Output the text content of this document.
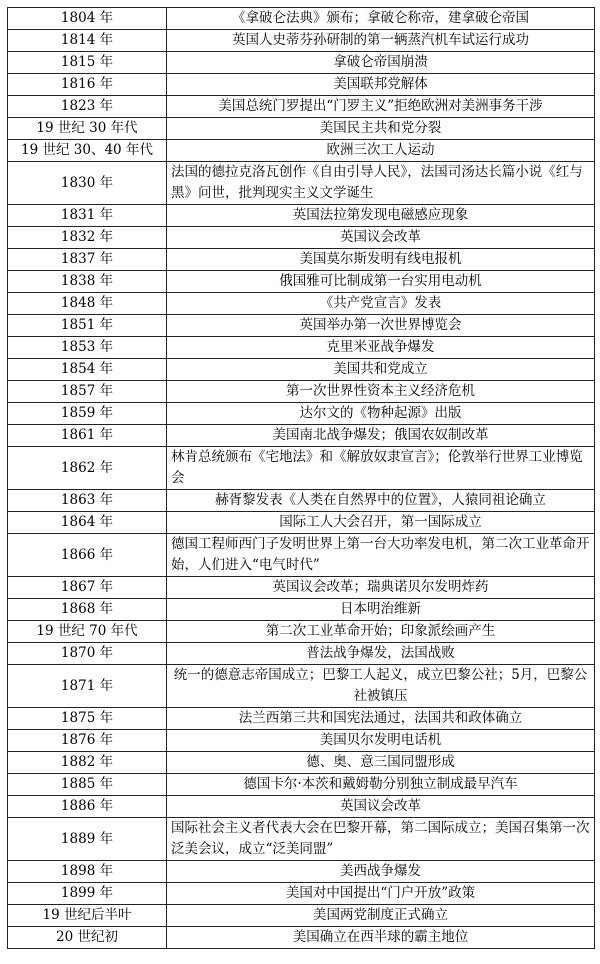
1804 年	《拿破仑法典》颁布；拿破仑称帝，建拿破仑帝国
1814 年	英国人史蒂芬孙研制的第一辆蒸汽机车试运行成功
1815 年	拿破仑帝国崩溃
1816 年	美国联邦党解体
1823 年	美国总统门罗提出“门罗主义”拒绝欧洲对美洲事务干涉
19 世纪 30 年代	美国民主共和党分裂
19 世纪 30、40 年代	欧洲三次工人运动
1830 年	法国的德拉克洛瓦创作《自由引导人民》，法国司汤达长篇小说《红与黑》问世，批判现实主义文学诞生
1831 年	英国法拉第发现电磁感应现象
1832 年	英国议会改革
1837 年	美国莫尔斯发明有线电报机
1838 年	俄国雅可比制成第一台实用电动机
1848 年	《共产党宣言》发表
1851 年	英国举办第一次世界博览会
1853 年	克里米亚战争爆发
1854 年	美国共和党成立
1857 年	第一次世界性资本主义经济危机
1859 年	达尔文的《物种起源》出版
1861 年	美国南北战争爆发；俄国农奴制改革
1862 年	林肯总统颁布《宅地法》和《解放奴隶宣言》；伦敦举行世界工业博览会
1863 年	赫胥黎发表《人类在自然界中的位置》，人猿同祖论确立
1864 年	国际工人大会召开，第一国际成立
1866 年	德国工程师西门子发明世界上第一台大功率发电机，第二次工业革命开始，人们进入“电气时代”
1867 年	英国议会改革；瑞典诺贝尔发明炸药
1868 年	日本明治维新
19 世纪 70 年代	第二次工业革命开始；印象派绘画产生
1870 年	普法战争爆发，法国战败
1871 年	统一的德意志帝国成立；巴黎工人起义，成立巴黎公社；5月，巴黎公社被镇压
1875 年	法兰西第三共和国宪法通过，法国共和政体确立
1876 年	美国贝尔发明电话机
1882 年	德、奥、意三国同盟形成
1885 年	德国卡尔·本茨和戴姆勒分别独立制成最早汽车
1886 年	英国议会改革
1889 年	国际社会主义者代表大会在巴黎开幕，第二国际成立；美国召集第一次泛美会议，成立“泛美同盟”
1898 年	美西战争爆发
1899 年	美国对中国提出“门户开放”政策
19 世纪后半叶	美国两党制度正式确立
20 世纪初	美国确立在西半球的霸主地位
